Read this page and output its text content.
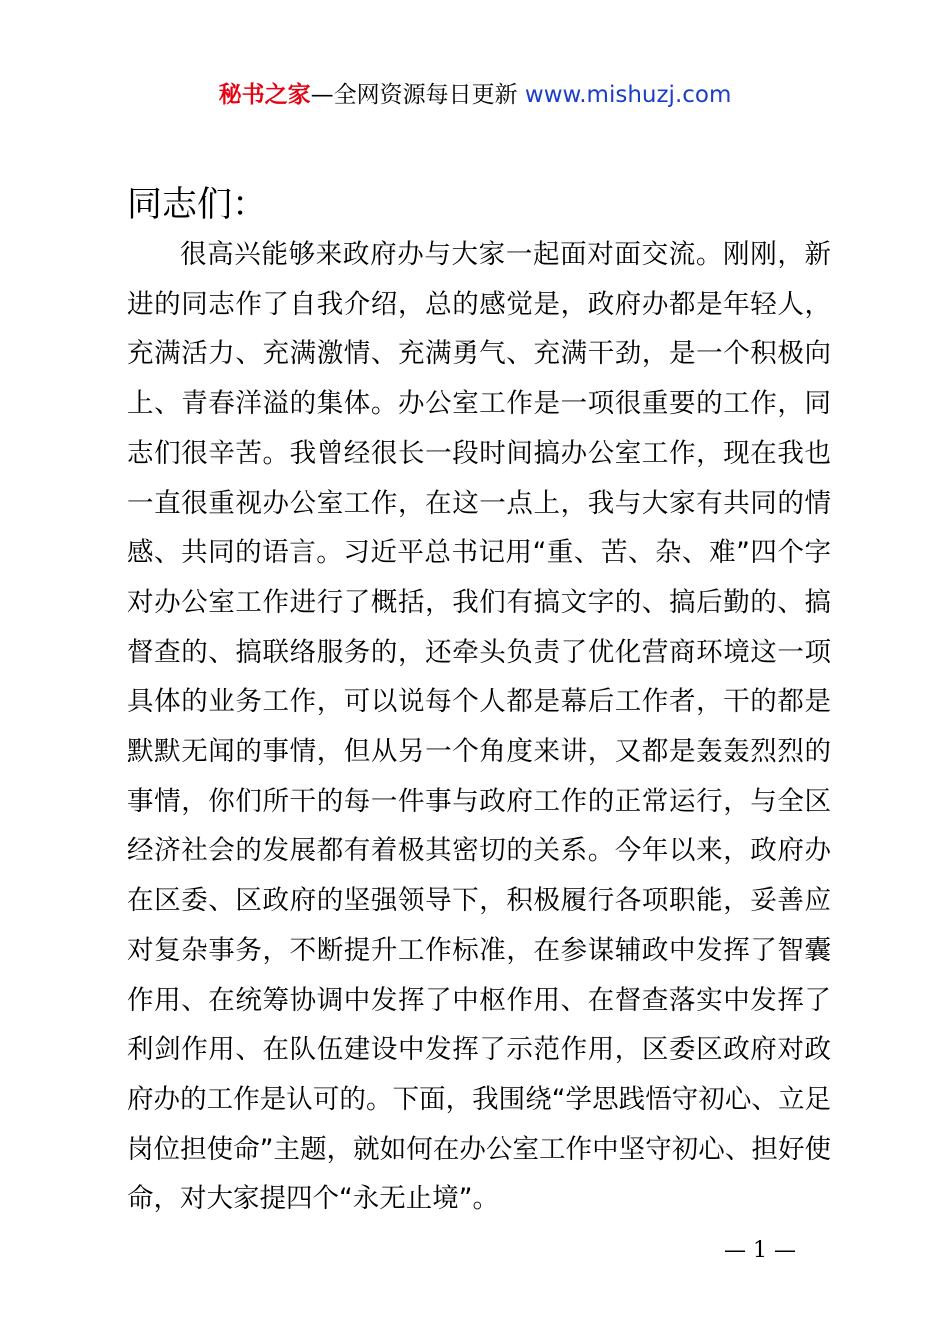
秘书之家—全网资源每日更新 www.mishuzj.com
同志们：

很高兴能够来政府办与大家一起面对面交流。刚刚，新进的同志作了自我介绍，总的感觉是，政府办都是年轻人，充满活力、充满激情、充满勇气、充满干劲，是一个积极向上、青春洋溢的集体。办公室工作是一项很重要的工作，同志们很辛苦。我曾经很长一段时间搞办公室工作，现在我也一直很重视办公室工作，在这一点上，我与大家有共同的情感、共同的语言。习近平总书记用“重、苦、杂、难”四个字对办公室工作进行了概括，我们有搞文字的、搞后勤的、搞督查的、搞联络服务的，还牵头负责了优化营商环境这一项具体的业务工作，可以说每个人都是幕后工作者，干的都是默默无闻的事情，但从另一个角度来讲，又都是轰轰烈烈的事情，你们所干的每一件事与政府工作的正常运行，与全区经济社会的发展都有着极其密切的关系。今年以来，政府办在区委、区政府的坚强领导下，积极履行各项职能，妥善应对复杂事务，不断提升工作标准，在参谋辅政中发挥了智囊作用、在统筹协调中发挥了中枢作用、在督查落实中发挥了利剑作用、在队伍建设中发挥了示范作用，区委区政府对政府办的工作是认可的。下面，我围绕“学思践悟守初心、立足岗位担使命”主题，就如何在办公室工作中坚守初心、担好使命，对大家提四个“永无止境”。

— 1 —
